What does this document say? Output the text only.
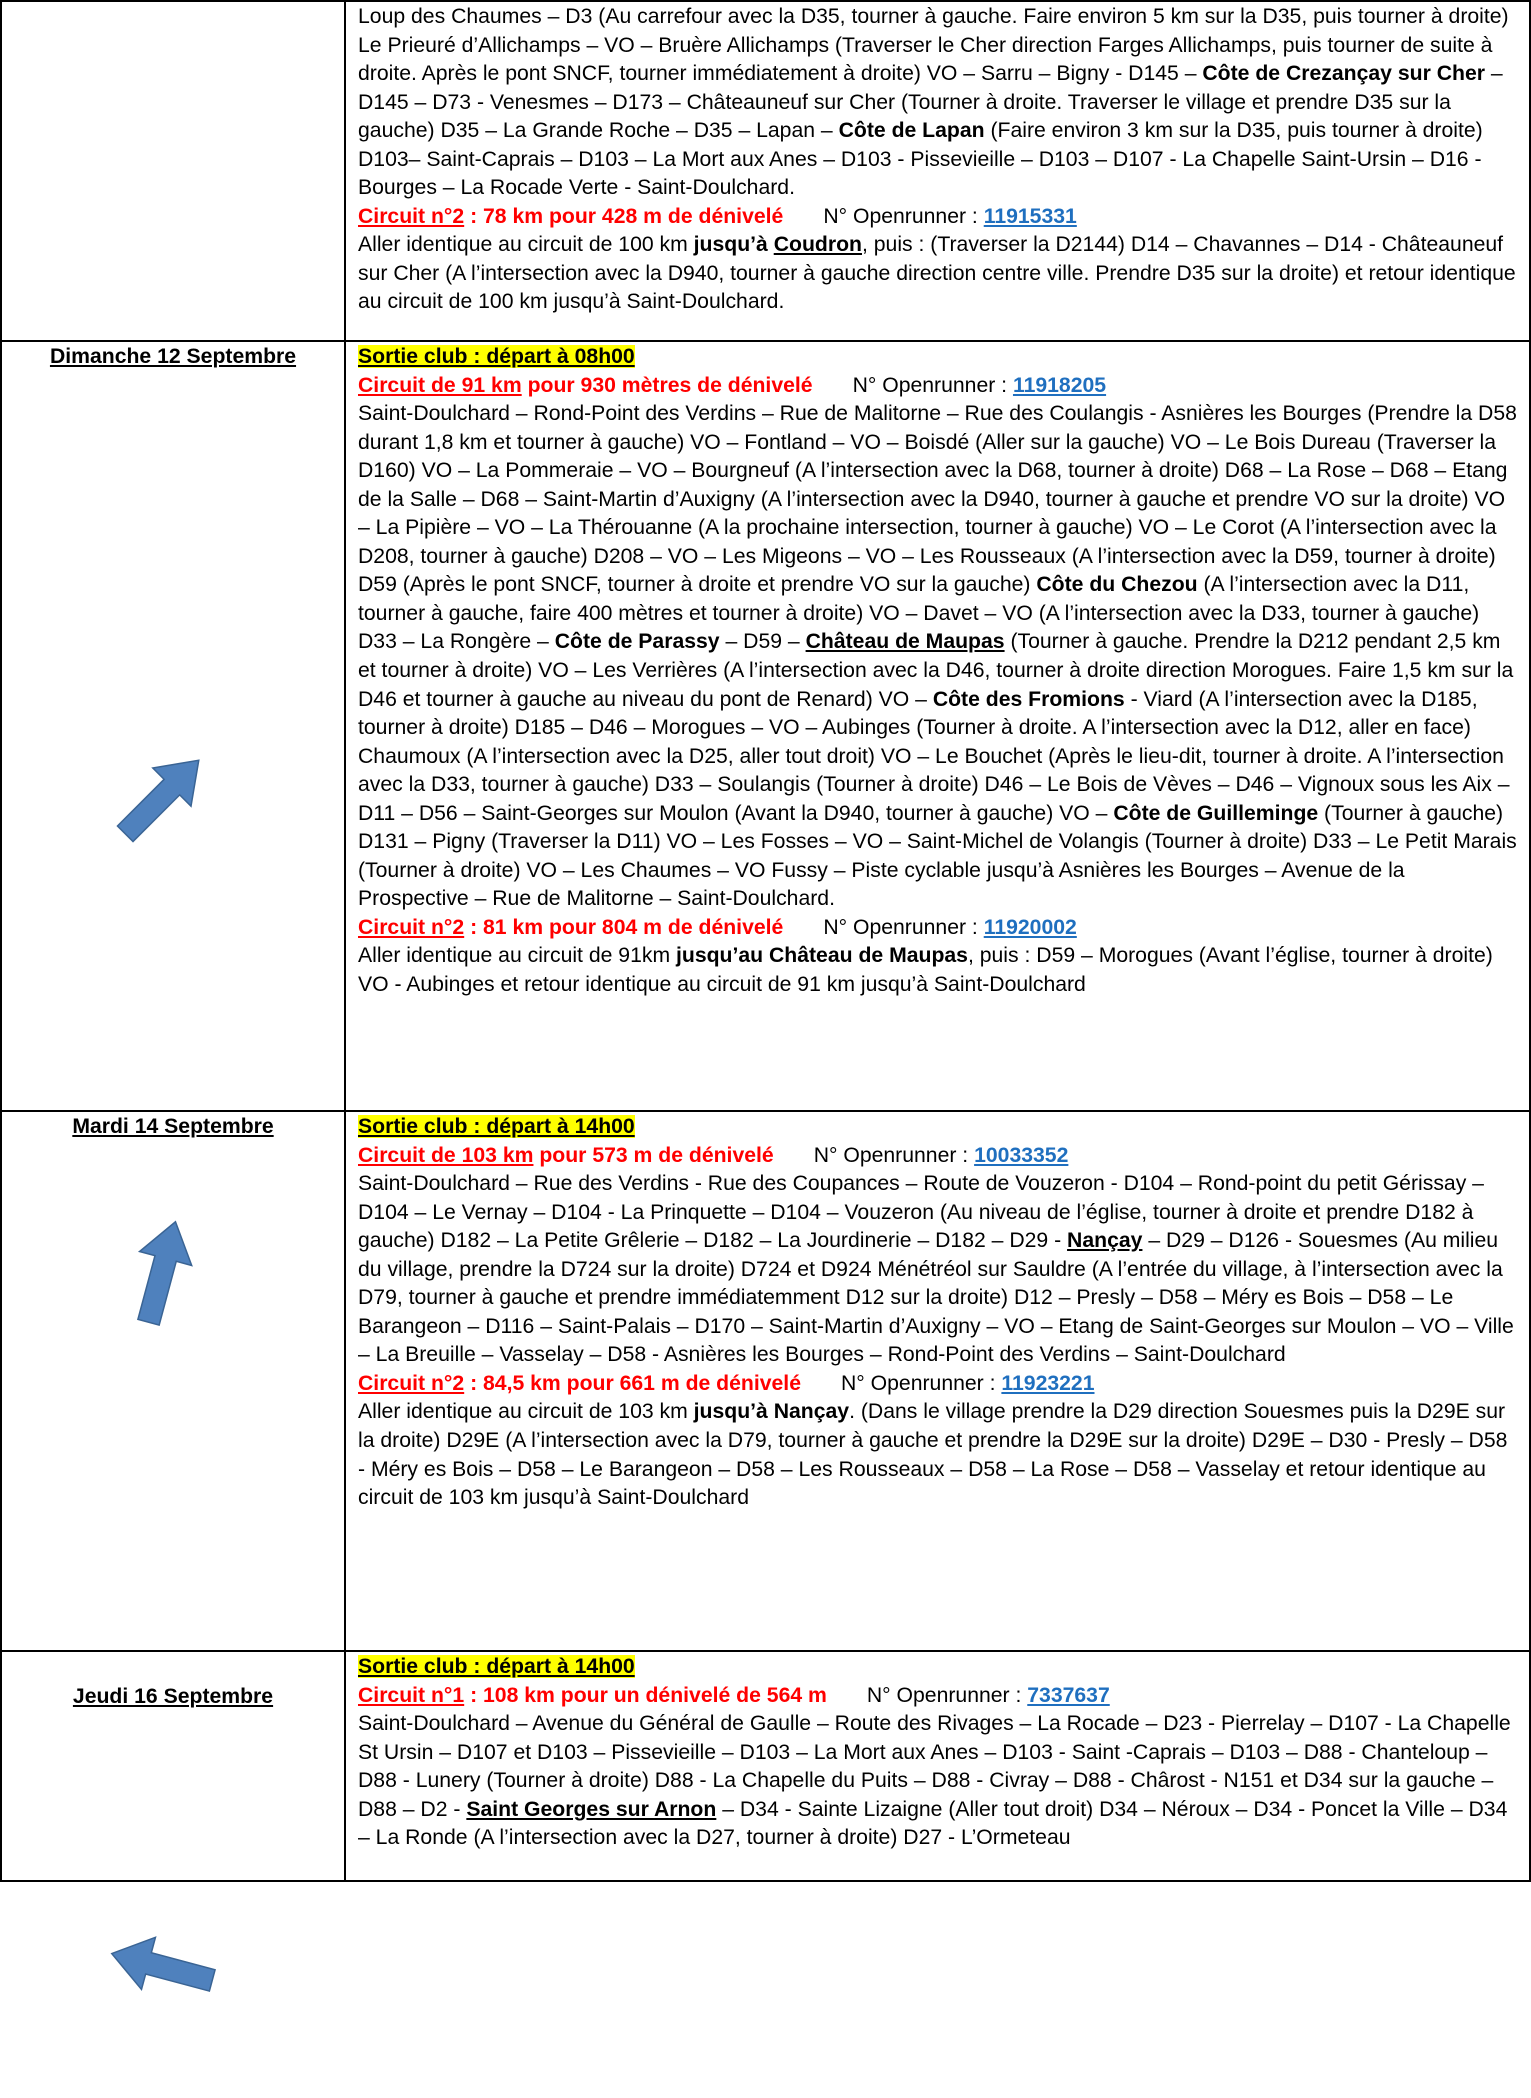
	Loup des Chaumes – D3 (Au carrefour avec la D35, tourner à gauche. Faire environ 5 km sur la D35, puis tourner à droite) Le Prieuré d’Allichamps – VO – Bruère Allichamps (Traverser le Cher direction Farges Allichamps, puis tourner de suite à droite. Après le pont SNCF, tourner immédiatement à droite) VO – Sarru – Bigny - D145 – Côte de Crezançay sur Cher – D145 – D73 - Venesmes – D173 – Châteauneuf sur Cher (Tourner à droite. Traverser le village et prendre D35 sur la gauche) D35 – La Grande Roche – D35 – Lapan – Côte de Lapan (Faire environ 3 km sur la D35, puis tourner à droite) D103– Saint-Caprais – D103 – La Mort aux Anes – D103 - Pissevieille – D103 – D107 - La Chapelle Saint-Ursin – D16 - Bourges – La Rocade Verte - Saint-Doulchard.

Circuit n°2 : 78 km pour 428 m de dénivelé N° Openrunner : 11915331

Aller identique au circuit de 100 km jusqu’à Coudron, puis : (Traverser la D2144) D14 – Chavannes – D14 - Châteauneuf sur Cher (A l’intersection avec la D940, tourner à gauche direction centre ville. Prendre D35 sur la droite) et retour identique au circuit de 100 km jusqu’à Saint-Doulchard.

Dimanche 12 Septembre	Sortie club : départ à 08h00

Circuit de 91 km pour 930 mètres de dénivelé N° Openrunner : 11918205

Saint-Doulchard – Rond-Point des Verdins – Rue de Malitorne – Rue des Coulangis - Asnières les Bourges (Prendre la D58 durant 1,8 km et tourner à gauche) VO – Fontland – VO – Boisdé (Aller sur la gauche) VO – Le Bois Dureau (Traverser la D160) VO – La Pommeraie – VO – Bourgneuf (A l’intersection avec la D68, tourner à droite) D68 – La Rose – D68 – Etang de la Salle – D68 – Saint-Martin d’Auxigny (A l’intersection avec la D940, tourner à gauche et prendre VO sur la droite) VO – La Pipière – VO – La Thérouanne (A la prochaine intersection, tourner à gauche) VO – Le Corot (A l’intersection avec la D208, tourner à gauche) D208 – VO – Les Migeons – VO – Les Rousseaux (A l’intersection avec la D59, tourner à droite) D59 (Après le pont SNCF, tourner à droite et prendre VO sur la gauche) Côte du Chezou (A l’intersection avec la D11, tourner à gauche, faire 400 mètres et tourner à droite) VO – Davet – VO (A l’intersection avec la D33, tourner à gauche) D33 – La Rongère – Côte de Parassy – D59 – Château de Maupas (Tourner à gauche. Prendre la D212 pendant 2,5 km et tourner à droite) VO – Les Verrières (A l’intersection avec la D46, tourner à droite direction Morogues. Faire 1,5 km sur la D46 et tourner à gauche au niveau du pont de Renard) VO – Côte des Fromions - Viard (A l’intersection avec la D185, tourner à droite) D185 – D46 – Morogues – VO – Aubinges (Tourner à droite. A l’intersection avec la D12, aller en face) Chaumoux (A l’intersection avec la D25, aller tout droit) VO – Le Bouchet (Après le lieu-dit, tourner à droite. A l’intersection avec la D33, tourner à gauche) D33 – Soulangis (Tourner à droite) D46 – Le Bois de Vèves – D46 – Vignoux sous les Aix – D11 – D56 – Saint-Georges sur Moulon (Avant la D940, tourner à gauche) VO – Côte de Guilleminge (Tourner à gauche) D131 – Pigny (Traverser la D11) VO – Les Fosses – VO – Saint-Michel de Volangis (Tourner à droite) D33 – Le Petit Marais (Tourner à droite) VO – Les Chaumes – VO Fussy – Piste cyclable jusqu’à Asnières les Bourges – Avenue de la Prospective – Rue de Malitorne – Saint-Doulchard.

Circuit n°2 : 81 km pour 804 m de dénivelé N° Openrunner : 11920002

Aller identique au circuit de 91km jusqu’au Château de Maupas, puis : D59 – Morogues (Avant l’église, tourner à droite) VO - Aubinges et retour identique au circuit de 91 km jusqu’à Saint-Doulchard

Mardi 14 Septembre	Sortie club : départ à 14h00

Circuit de 103 km pour 573 m de dénivelé N° Openrunner : 10033352

Saint-Doulchard – Rue des Verdins - Rue des Coupances – Route de Vouzeron - D104 – Rond-point du petit Gérissay – D104 – Le Vernay – D104 - La Prinquette – D104 – Vouzeron (Au niveau de l’église, tourner à droite et prendre D182 à gauche) D182 – La Petite Grêlerie – D182 – La Jourdinerie – D182 – D29 - Nançay – D29 – D126 - Souesmes (Au milieu du village, prendre la D724 sur la droite) D724 et D924 Ménétréol sur Sauldre (A l’entrée du village, à l’intersection avec la D79, tourner à gauche et prendre immédiatemment D12 sur la droite) D12 – Presly – D58 – Méry es Bois – D58 – Le Barangeon – D116 – Saint-Palais – D170 – Saint-Martin d’Auxigny – VO – Etang de Saint-Georges sur Moulon – VO – Ville – La Breuille – Vasselay – D58 - Asnières les Bourges – Rond-Point des Verdins – Saint-Doulchard

Circuit n°2 : 84,5 km pour 661 m de dénivelé N° Openrunner : 11923221

Aller identique au circuit de 103 km jusqu’à Nançay. (Dans le village prendre la D29 direction Souesmes puis la D29E sur la droite) D29E (A l’intersection avec la D79, tourner à gauche et prendre la D29E sur la droite) D29E – D30 - Presly – D58 - Méry es Bois – D58 – Le Barangeon – D58 – Les Rousseaux – D58 – La Rose – D58 – Vasselay et retour identique au circuit de 103 km jusqu’à Saint-Doulchard

Jeudi 16 Septembre	Sortie club : départ à 14h00

Circuit n°1 : 108 km pour un dénivelé de 564 m N° Openrunner : 7337637

Saint-Doulchard – Avenue du Général de Gaulle – Route des Rivages – La Rocade – D23 - Pierrelay – D107 - La Chapelle St Ursin – D107 et D103 – Pissevieille – D103 – La Mort aux Anes – D103 - Saint -Caprais – D103 – D88 - Chanteloup – D88 - Lunery (Tourner à droite) D88 - La Chapelle du Puits – D88 - Civray – D88 - Chârost - N151 et D34 sur la gauche – D88 – D2 - Saint Georges sur Arnon – D34 - Sainte Lizaigne (Aller tout droit) D34 – Néroux – D34 - Poncet la Ville – D34 – La Ronde (A l’intersection avec la D27, tourner à droite) D27 - L’Ormeteau
